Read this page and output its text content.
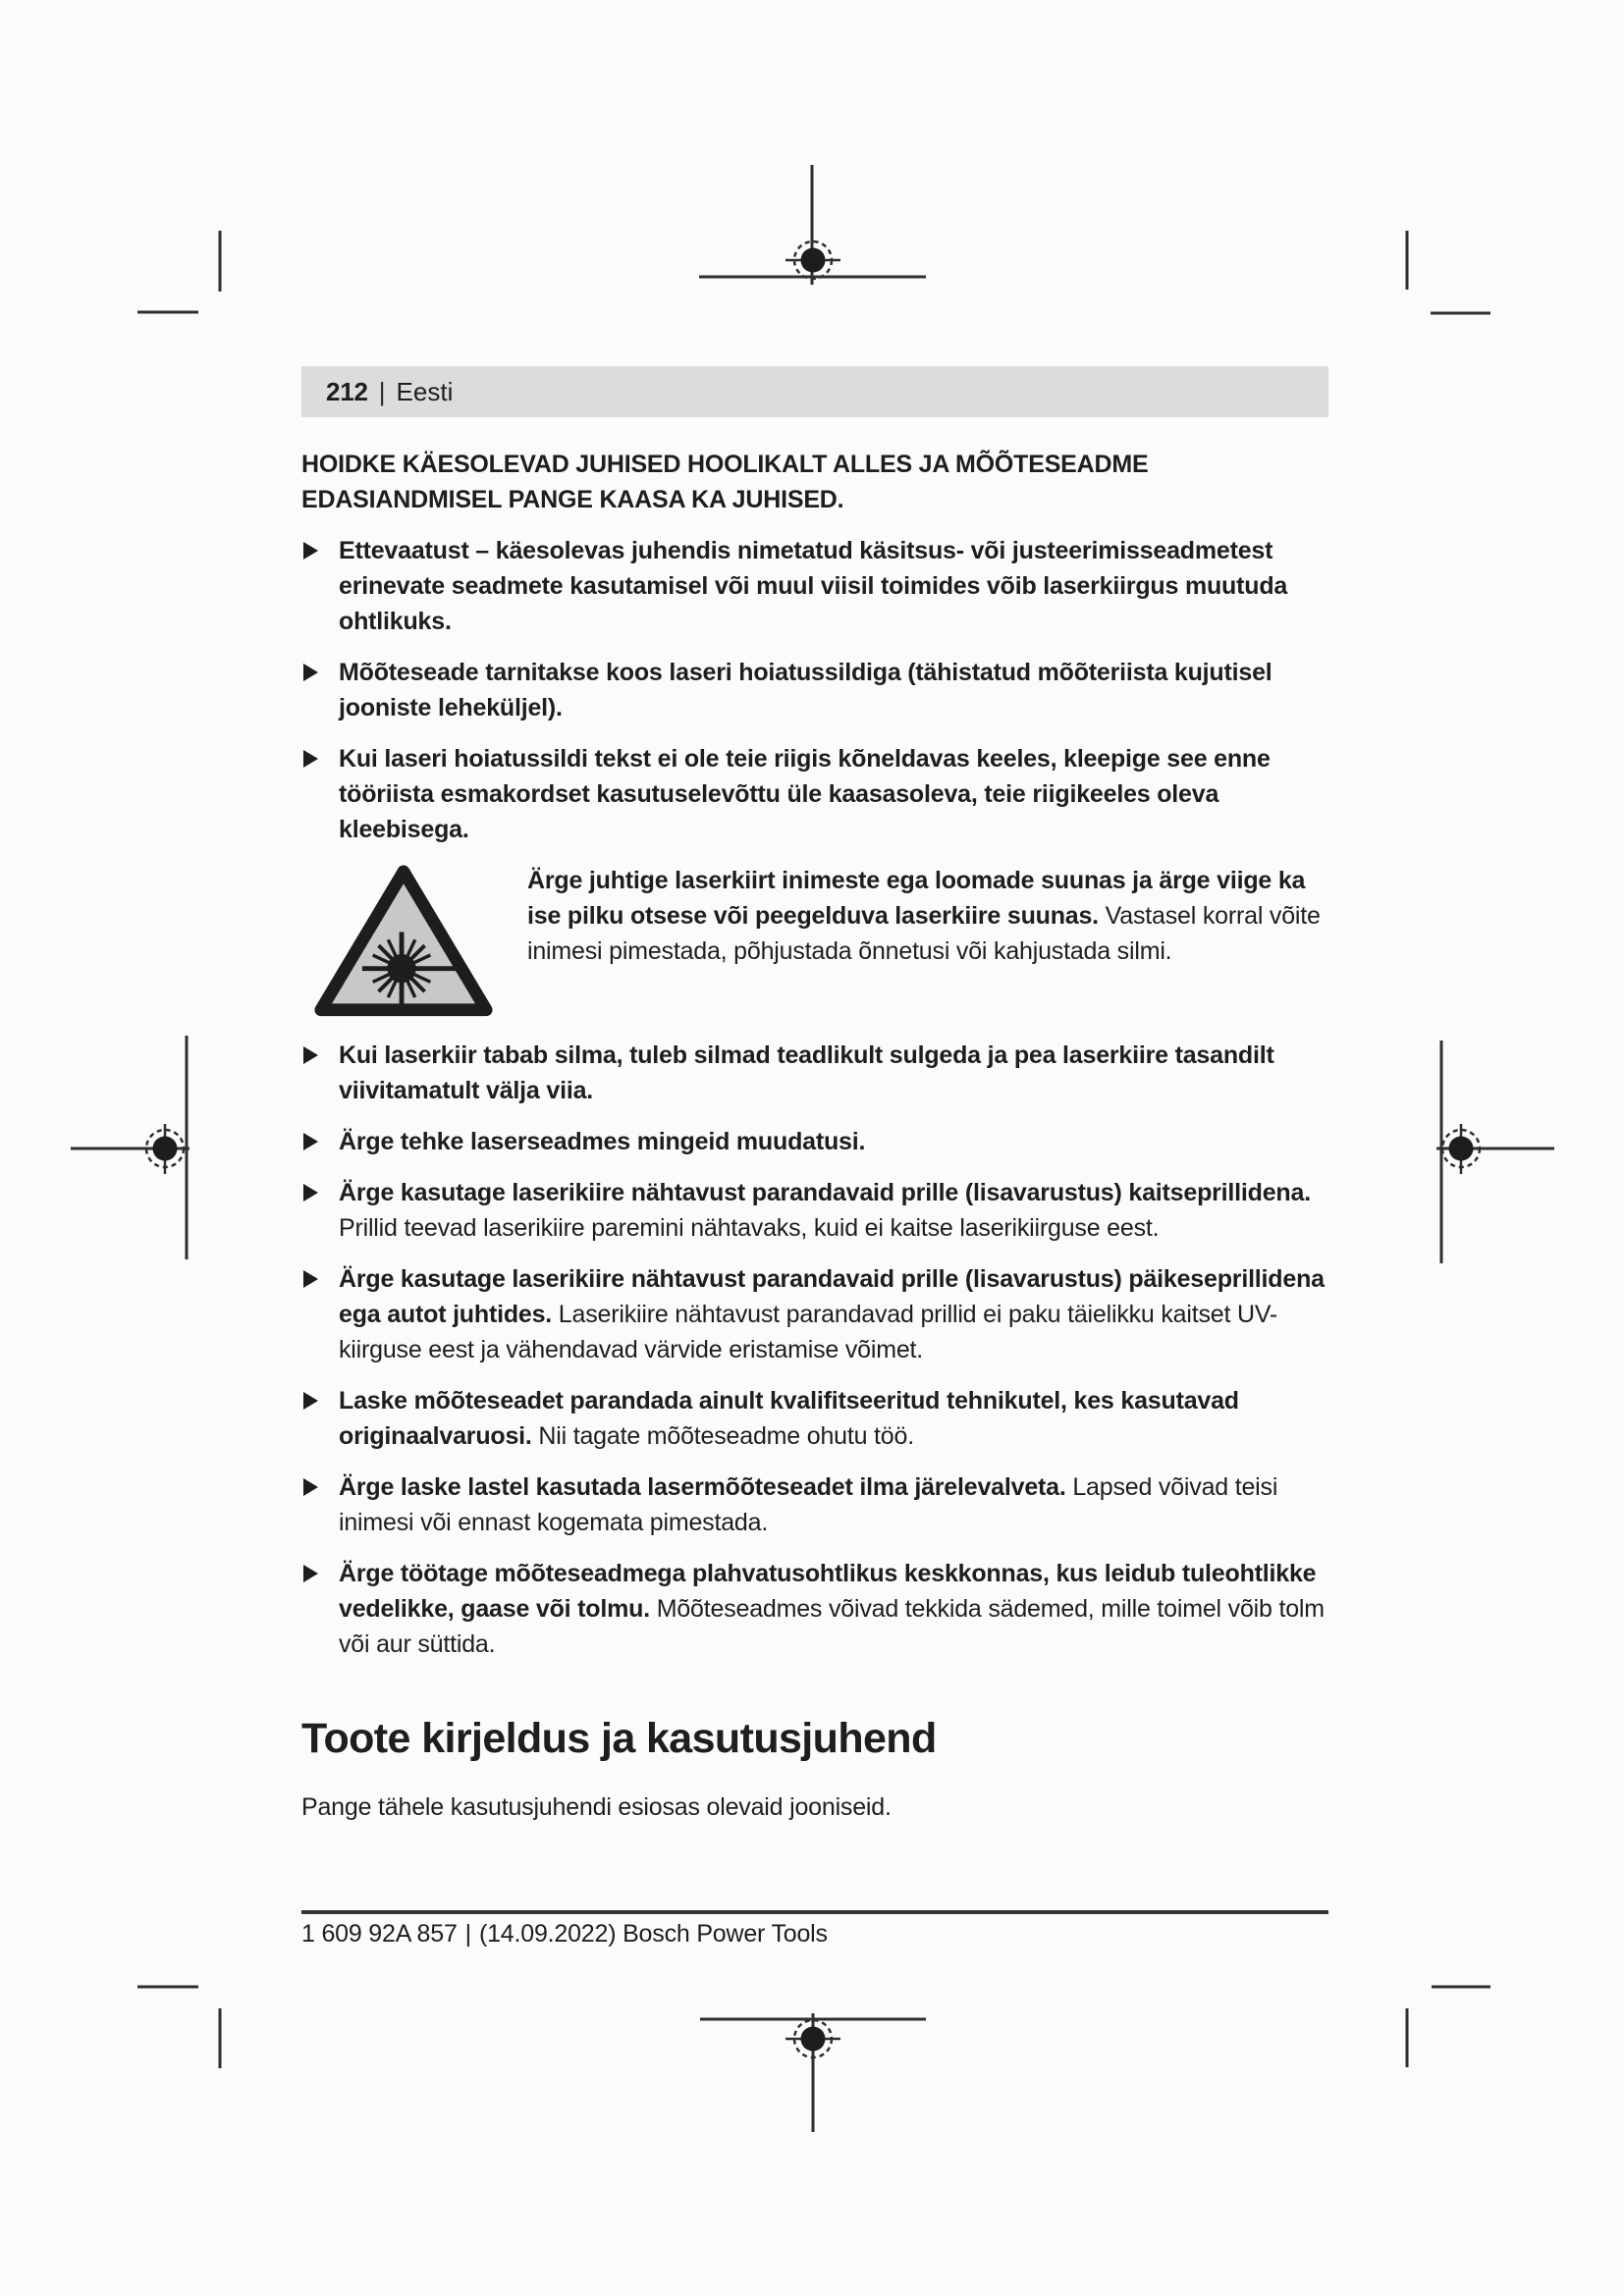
212 | Eesti
HOIDKE KÄESOLEVAD JUHISED HOOLIKALT ALLES JA MÕÕTESEADME EDASIANDMISEL PANGE KAASA KA JUHISED.
Ettevaatust – käesolevas juhendis nimetatud käsitsus- või justeerimisseadmetest erinevate seadmete kasutamisel või muul viisil toimides võib laserkiirgus muutuda ohtlikuks.
Mõõteseade tarnitakse koos laseri hoiatussildiga (tähistatud mõõteriista kujutisel jooniste leheküljel).
Kui laseri hoiatussildi tekst ei ole teie riigis kõneldavas keeles, kleepige see enne tööriista esmakordset kasutuselevõttu üle kaasasoleva, teie riigikeeles oleva kleebisega.
Ärge juhtige laserkiirt inimeste ega loomade suunas ja ärge viige ka ise pilku otsese või peegelduva laserkiire suunas. Vastasel korral võite inimesi pimestada, põhjustada õnnetusi või kahjustada silmi.
Kui laserkiir tabab silma, tuleb silmad teadlikult sulgeda ja pea laserkiire tasandilt viivitamatult välja viia.
Ärge tehke laserseadmes mingeid muudatusi.
Ärge kasutage laserikiire nähtavust parandavaid prille (lisavarustus) kaitseprillidena. Prillid teevad laserikiire paremini nähtavaks, kuid ei kaitse laserikiirguse eest.
Ärge kasutage laserikiire nähtavust parandavaid prille (lisavarustus) päikeseprillidena ega autot juhtides. Laserikiire nähtavust parandavad prillid ei paku täielikku kaitset UV-kiirguse eest ja vähendavad värvide eristamise võimet.
Laske mõõteseadet parandada ainult kvalifitseeritud tehnikutel, kes kasutavad originaalvaruosi. Nii tagate mõõteseadme ohutu töö.
Ärge laske lastel kasutada lasermõõteseadet ilma järelevalveta. Lapsed võivad teisi inimesi või ennast kogemata pimestada.
Ärge töötage mõõteseadmega plahvatusohtlikus keskkonnas, kus leidub tuleohtlikke vedelikke, gaase või tolmu. Mõõteseadmes võivad tekkida sädemed, mille toimel võib tolm või aur süttida.
Toote kirjeldus ja kasutusjuhend
Pange tähele kasutusjuhendi esiosas olevaid jooniseid.
1 609 92A 857 | (14.09.2022) Bosch Power Tools
